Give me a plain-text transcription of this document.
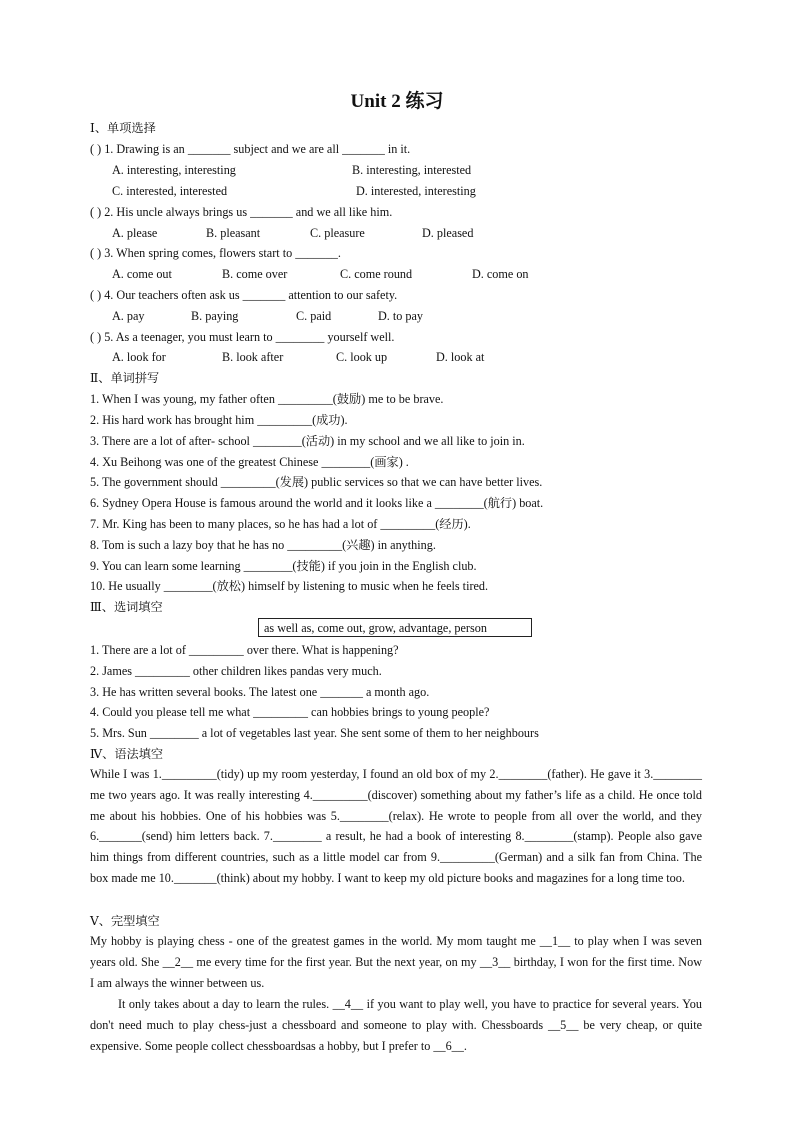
Unit 2 练习
Ⅰ、单项选择
( ) 1. Drawing is an _______ subject and we are all _______ in it.
A. interesting, interesting	B. interesting, interested
C. interested, interested	D. interested, interesting
( ) 2. His uncle always brings us _______ and we all like him.
A. please	B. pleasant	C. pleasure	D. pleased
( ) 3. When spring comes, flowers start to _______.
A. come out	B. come over	C. come round	D. come on
( ) 4. Our teachers often ask us _______ attention to our safety.
A. pay	B. paying	C. paid	D. to pay
( ) 5. As a teenager, you must learn to ________ yourself well.
A. look for	B. look after	C. look up	D. look at
Ⅱ、单词拼写
1. When I was young, my father often _________(鼓励) me to be brave.
2. His hard work has brought him _________(成功).
3. There are a lot of after- school ________(活动) in my school and we all like to join in.
4. Xu Beihong was one of the greatest Chinese ________(画家) .
5. The government should _________(发展) public services so that we can have better lives.
6. Sydney Opera House is famous around the world and it looks like a ________(航行) boat.
7. Mr. King has been to many places, so he has had a lot of _________(经历).
8. Tom is such a lazy boy that he has no _________(兴趣) in anything.
9. You can learn some learning ________(技能) if you join in the English club.
10. He usually ________(放松) himself by listening to music when he feels tired.
Ⅲ、选词填空
as well as, come out, grow, advantage, person
1. There are a lot of _________ over there. What is happening?
2. James _________ other children likes pandas very much.
3. He has written several books. The latest one _______ a month ago.
4. Could you please tell me what _________ can hobbies brings to young people?
5. Mrs. Sun ________ a lot of vegetables last year. She sent some of them to her neighbours
Ⅳ、语法填空
While I was 1._________(tidy) up my room yesterday, I found an old box of my 2.________(father). He gave it 3.________ me two years ago. It was really interesting 4._________(discover) something about my father’s life as a child. He once told me about his hobbies. One of his hobbies was 5.________(relax). He wrote to people from all over the world, and they 6._______(send) him letters back. 7.________ a result, he had a book of interesting 8.________(stamp). People also gave him things from different countries, such as a little model car from 9._________(German) and a silk fan from China. The box made me 10._______(think) about my hobby. I want to keep my old picture books and magazines for a long time too.
Ⅴ、完型填空
My hobby is playing chess - one of the greatest games in the world. My mom taught me __1__ to play when I was seven years old. She __2__ me every time for the first year. But the next year, on my __3__ birthday, I won for the first time. Now I am always the winner between us.
It only takes about a day to learn the rules. __4__ if you want to play well, you have to practice for several years. You don't need much to play chess-just a chessboard and someone to play with. Chessboards __5__ be very cheap, or quite expensive. Some people collect chessboardsas a hobby, but I prefer to __6__.
